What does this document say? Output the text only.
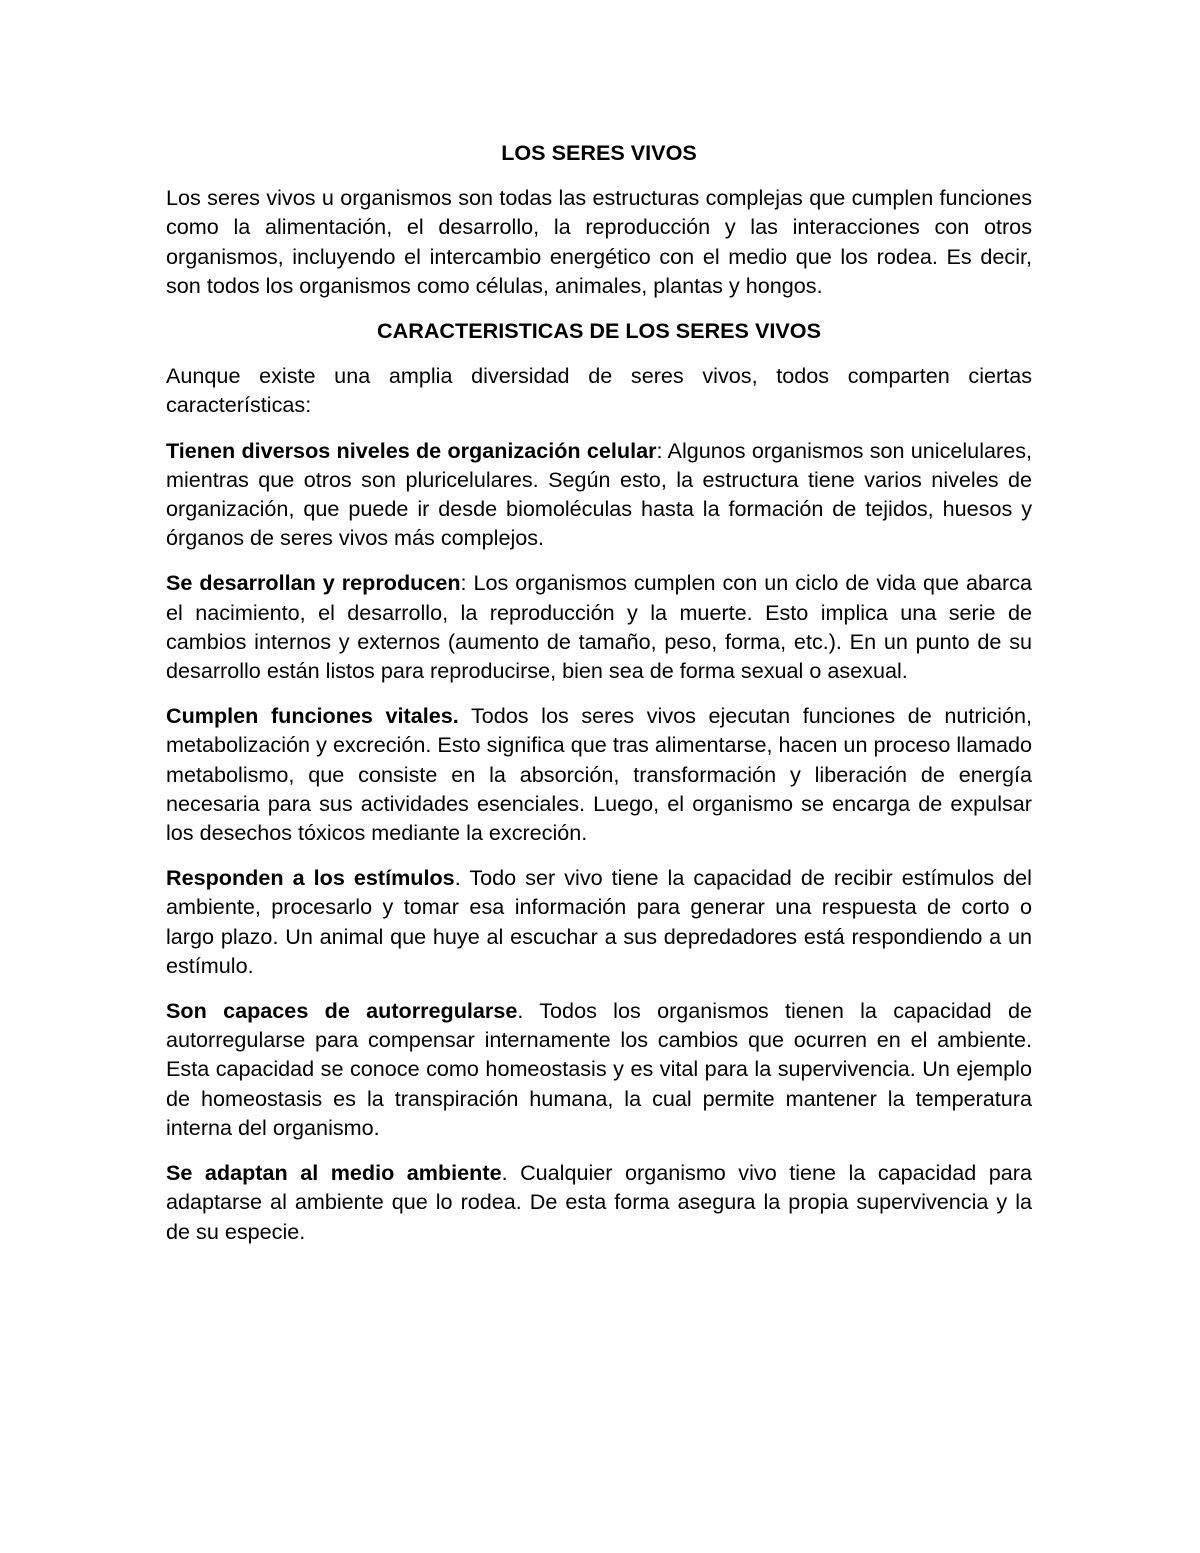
LOS SERES VIVOS

Los seres vivos u organismos son todas las estructuras complejas que cumplen funciones como la alimentación, el desarrollo, la reproducción y las interacciones con otros organismos, incluyendo el intercambio energético con el medio que los rodea. Es decir, son todos los organismos como células, animales, plantas y hongos.

CARACTERISTICAS DE LOS SERES VIVOS

Aunque existe una amplia diversidad de seres vivos, todos comparten ciertas características:

Tienen diversos niveles de organización celular: Algunos organismos son unicelulares, mientras que otros son pluricelulares. Según esto, la estructura tiene varios niveles de organización, que puede ir desde biomoléculas hasta la formación de tejidos, huesos y órganos de seres vivos más complejos.

Se desarrollan y reproducen: Los organismos cumplen con un ciclo de vida que abarca el nacimiento, el desarrollo, la reproducción y la muerte. Esto implica una serie de cambios internos y externos (aumento de tamaño, peso, forma, etc.). En un punto de su desarrollo están listos para reproducirse, bien sea de forma sexual o asexual.

Cumplen funciones vitales. Todos los seres vivos ejecutan funciones de nutrición, metabolización y excreción. Esto significa que tras alimentarse, hacen un proceso llamado metabolismo, que consiste en la absorción, transformación y liberación de energía necesaria para sus actividades esenciales. Luego, el organismo se encarga de expulsar los desechos tóxicos mediante la excreción.

Responden a los estímulos. Todo ser vivo tiene la capacidad de recibir estímulos del ambiente, procesarlo y tomar esa información para generar una respuesta de corto o largo plazo. Un animal que huye al escuchar a sus depredadores está respondiendo a un estímulo.

Son capaces de autorregularse. Todos los organismos tienen la capacidad de autorregularse para compensar internamente los cambios que ocurren en el ambiente. Esta capacidad se conoce como homeostasis y es vital para la supervivencia. Un ejemplo de homeostasis es la transpiración humana, la cual permite mantener la temperatura interna del organismo.

Se adaptan al medio ambiente. Cualquier organismo vivo tiene la capacidad para adaptarse al ambiente que lo rodea. De esta forma asegura la propia supervivencia y la de su especie.
